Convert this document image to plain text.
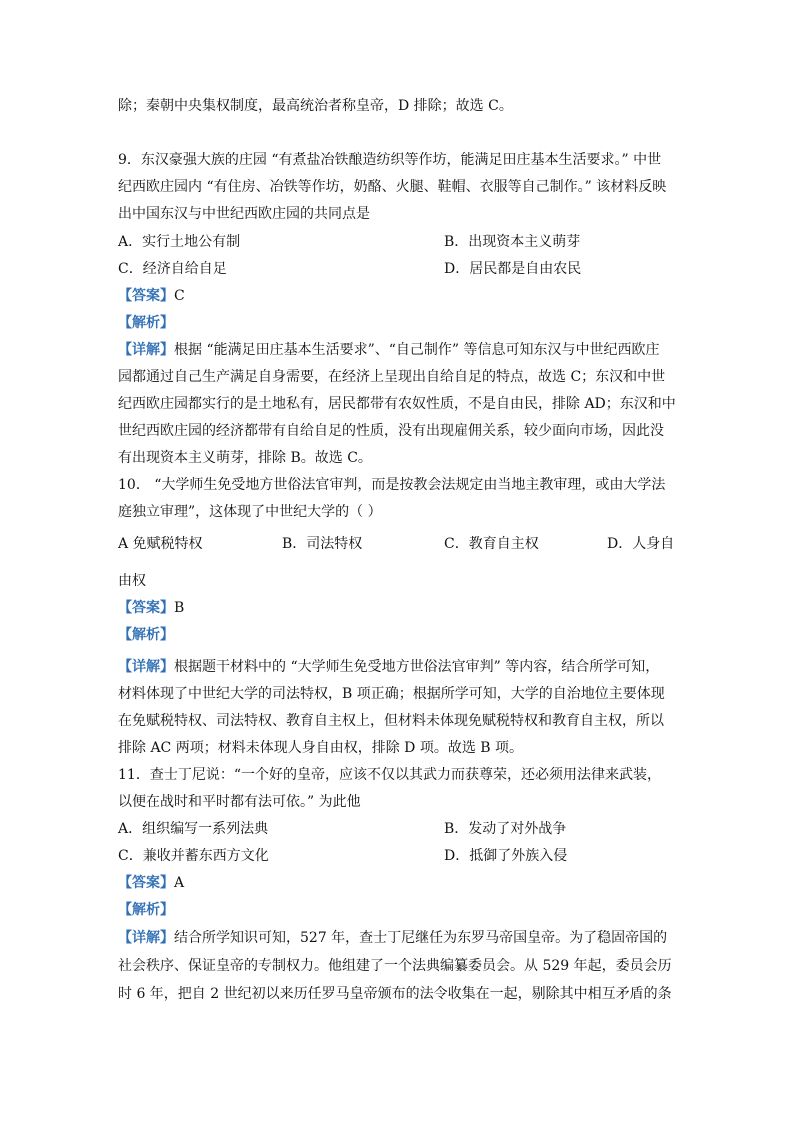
除；秦朝中央集权制度，最高统治者称皇帝，D 排除；故选 C。
9．东汉豪强大族的庄园 “有煮盐冶铁酿造纺织等作坊，能满足田庄基本生活要求。” 中世
纪西欧庄园内 “有住房、冶铁等作坊，奶酪、火腿、鞋帽、衣服等自己制作。” 该材料反映
出中国东汉与中世纪西欧庄园的共同点是
A．实行土地公有制	B．出现资本主义萌芽
C．经济自给自足	D．居民都是自由农民
【答案】C
【解析】
【详解】根据 “能满足田庄基本生活要求”、“自己制作” 等信息可知东汉与中世纪西欧庄
园都通过自己生产满足自身需要，在经济上呈现出自给自足的特点，故选 C；东汉和中世
纪西欧庄园都实行的是土地私有，居民都带有农奴性质，不是自由民，排除 AD；东汉和中
世纪西欧庄园的经济都带有自给自足的性质，没有出现雇佣关系，较少面向市场，因此没
有出现资本主义萌芽，排除 B。故选 C。
10． “大学师生免受地方世俗法官审判，而是按教会法规定由当地主教审理，或由大学法
庭独立审理”，这体现了中世纪大学的（ ）
A 免赋税特权	B．司法特权	C．教育自主权	D．人身自
由权
【答案】B
【解析】
【详解】根据题干材料中的 “大学师生免受地方世俗法官审判” 等内容，结合所学可知，
材料体现了中世纪大学的司法特权，B 项正确；根据所学可知，大学的自治地位主要体现
在免赋税特权、司法特权、教育自主权上，但材料未体现免赋税特权和教育自主权，所以
排除 AC 两项；材料未体现人身自由权，排除 D 项。故选 B 项。
11．查士丁尼说：“一个好的皇帝，应该不仅以其武力而获尊荣，还必须用法律来武装，
以便在战时和平时都有法可依。” 为此他
A．组织编写一系列法典	B．发动了对外战争
C．兼收并蓄东西方文化	D．抵御了外族入侵
【答案】A
【解析】
【详解】结合所学知识可知，527 年，查士丁尼继任为东罗马帝国皇帝。为了稳固帝国的
社会秩序、保证皇帝的专制权力。他组建了一个法典编纂委员会。从 529 年起，委员会历
时 6 年，把自 2 世纪初以来历任罗马皇帝颁布的法令收集在一起，剔除其中相互矛盾的条
